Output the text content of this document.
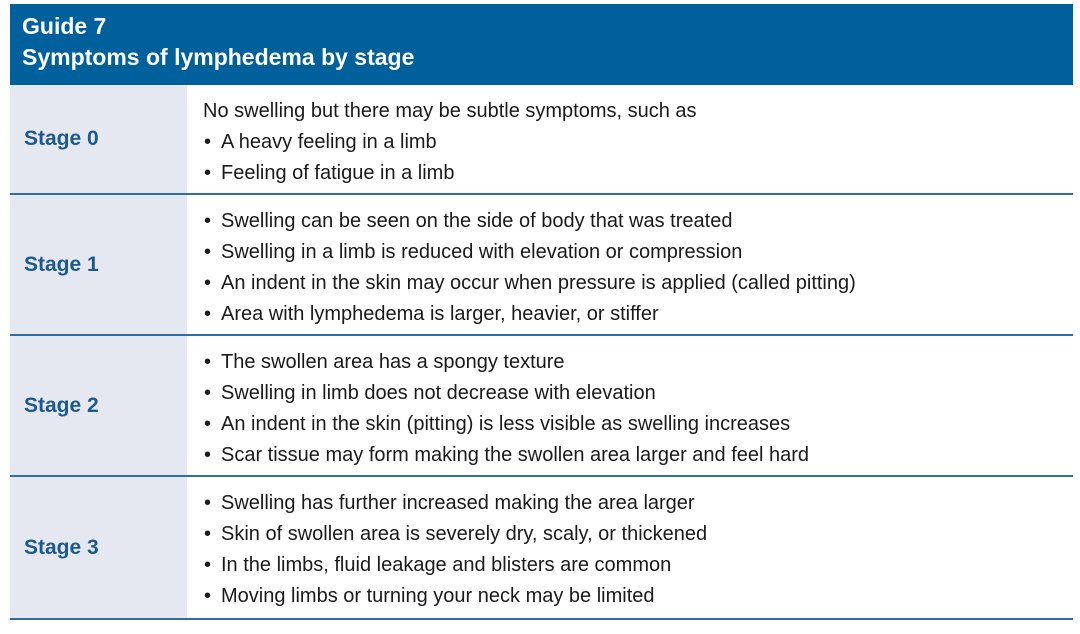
Guide 7
Symptoms of lymphedema by stage
Stage 0

No swelling but there may be subtle symptoms, such as

• A heavy feeling in a limb
• Feeling of fatigue in a limb
Stage 1
• Swelling can be seen on the side of body that was treated
• Swelling in a limb is reduced with elevation or compression
• An indent in the skin may occur when pressure is applied (called pitting)
• Area with lymphedema is larger, heavier, or stiffer
Stage 2
• The swollen area has a spongy texture
• Swelling in limb does not decrease with elevation
• An indent in the skin (pitting) is less visible as swelling increases
• Scar tissue may form making the swollen area larger and feel hard
Stage 3
• Swelling has further increased making the area larger
• Skin of swollen area is severely dry, scaly, or thickened
• In the limbs, fluid leakage and blisters are common
• Moving limbs or turning your neck may be limited
